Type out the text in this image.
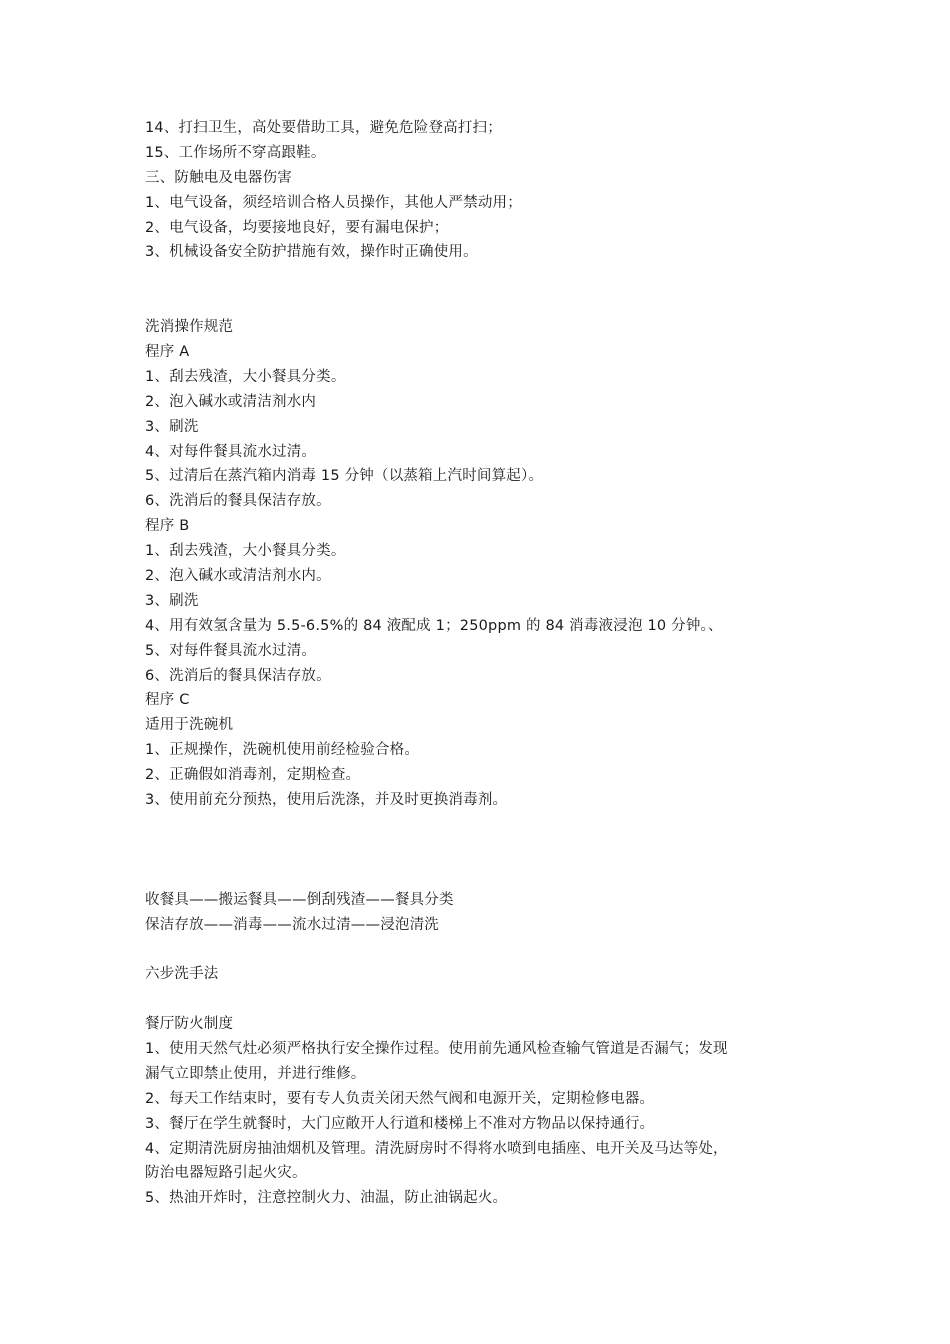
14、打扫卫生，高处要借助工具，避免危险登高打扫；
15、工作场所不穿高跟鞋。
三、防触电及电器伤害
1、电气设备，须经培训合格人员操作，其他人严禁动用；
2、电气设备，均要接地良好，要有漏电保护；
3、机械设备安全防护措施有效，操作时正确使用。
洗消操作规范
程序 A
1、刮去残渣，大小餐具分类。
2、泡入碱水或清洁剂水内
3、刷洗
4、对每件餐具流水过清。
5、过清后在蒸汽箱内消毒 15 分钟（以蒸箱上汽时间算起）。
6、洗消后的餐具保洁存放。
程序 B
1、刮去残渣，大小餐具分类。
2、泡入碱水或清洁剂水内。
3、刷洗
4、用有效氢含量为 5.5-6.5%的 84 液配成 1；250ppm 的 84 消毒液浸泡 10 分钟。、
5、对每件餐具流水过清。
6、洗消后的餐具保洁存放。
程序 C
适用于洗碗机
1、正规操作，洗碗机使用前经检验合格。
2、正确假如消毒剂，定期检查。
3、使用前充分预热，使用后洗涤，并及时更换消毒剂。
收餐具——搬运餐具——倒刮残渣——餐具分类
保洁存放——消毒——流水过清——浸泡清洗
六步洗手法
餐厅防火制度
1、使用天然气灶必须严格执行安全操作过程。使用前先通风检查输气管道是否漏气；发现
漏气立即禁止使用，并进行维修。
2、每天工作结束时，要有专人负责关闭天然气阀和电源开关，定期检修电器。
3、餐厅在学生就餐时，大门应敞开人行道和楼梯上不准对方物品以保持通行。
4、定期清洗厨房抽油烟机及管理。清洗厨房时不得将水喷到电插座、电开关及马达等处，
防治电器短路引起火灾。
5、热油开炸时，注意控制火力、油温，防止油锅起火。
